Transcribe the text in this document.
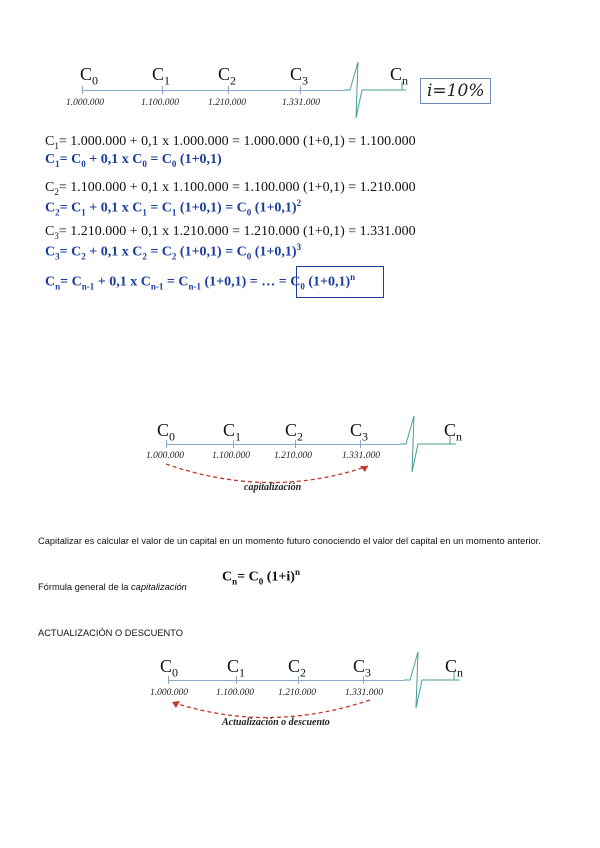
$C_0$	$C_1$	$C_2$	$C_3$	$C_n$
1.000.000	1.100.000	1.210.000	1.331.000
i=10%
$C_1= 1.000.000 + 0,1$ x 1.000.000 = 1.000.000 (1+0,1) = 1.100.000
$C_1= C_0 + 0,1$ x $C_0 = C_0$ (1+0,1)
$C_2= 1.100.000 + 0,1$ x 1.100.000 = 1.100.000 (1+0,1) = 1.210.000
$C_2= C_1 + 0,1$ x $C_1 = C_1$ $(1+0,1) = C_0$ $(1+0,1)^2$
$C_3= 1.210.000 + 0,1$ x 1.210.000 = 1.210.000 (1+0,1) = 1.331.000
$C_3= C_2 + 0,1$ x $C_2 = C_2$ $(1+0,1) = C_0$ $(1+0,1)^3$
$C_n= C_{n-1} + 0,1$ x $C_{n-1} = C_{n-1}$ (1+0,1) = … = $C_0$ $(1+0,1)^n$
$C_0$	$C_1$ $C_2$	$C_3$	$C_n$
1.000.000	1.100.000	1.210.000	1.331.000
capitalización
Capitalizar es calcular el valor de un capital en un momento futuro conociendo el valor del capital en un momento anterior.
Fórmula general de la capitalización
$C_n= C_0$ $(1+i)^n$
ACTUALIZACIÓN O DESCUENTO
$C_0$	$C_1$ $C_2$	$C_3$	$C_n$
1.000.000	1.100.000	1.210.000	1.331.000
Actualización o descuento
